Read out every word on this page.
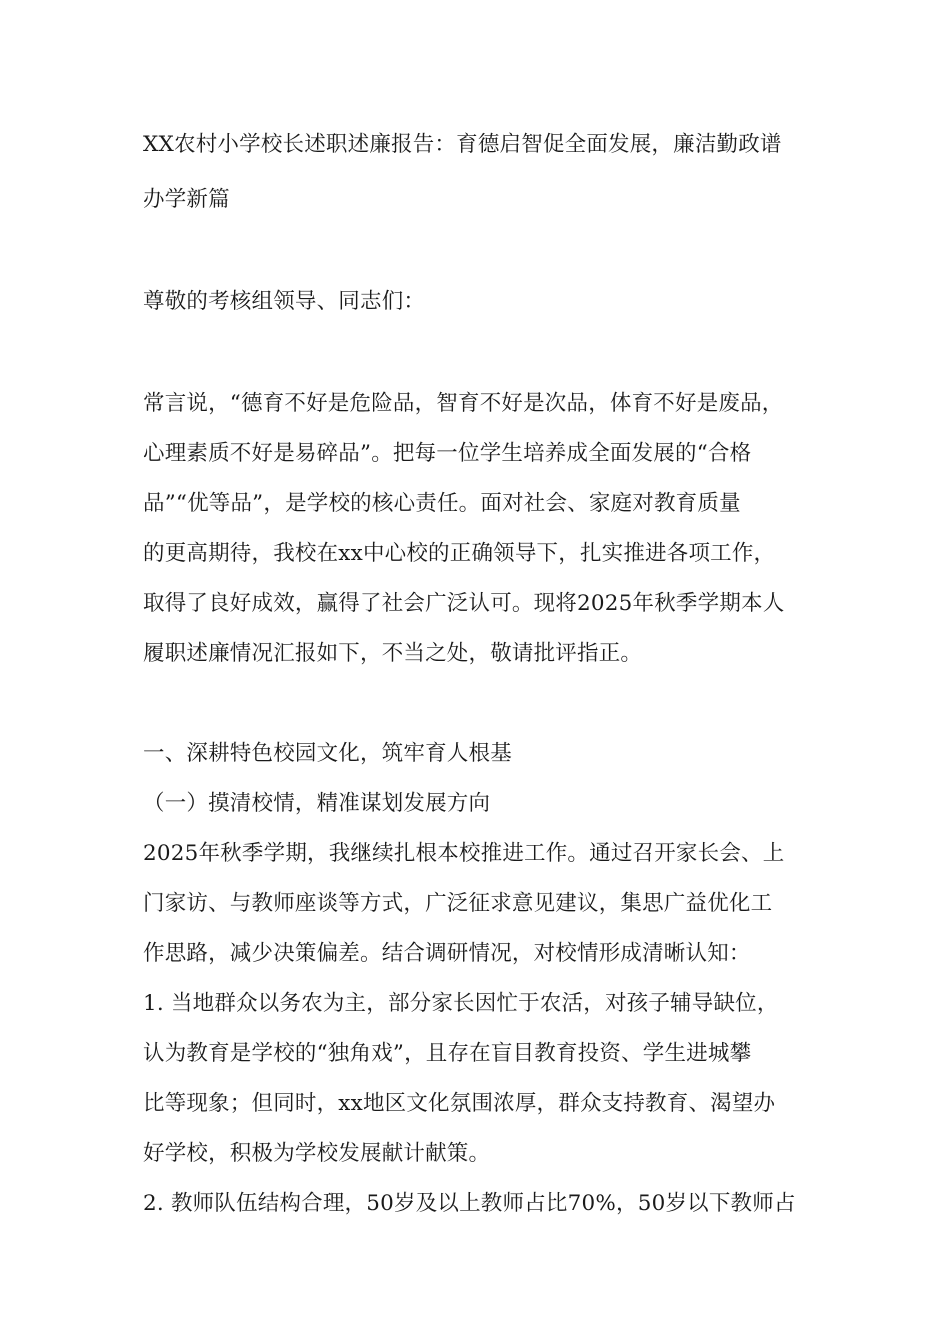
XX农村小学校长述职述廉报告：育德启智促全面发展，廉洁勤政谱
办学新篇
尊敬的考核组领导、同志们：
常言说，“德育不好是危险品，智育不好是次品，体育不好是废品，
心理素质不好是易碎品”。把每一位学生培养成全面发展的“合格
品”“优等品”，是学校的核心责任。面对社会、家庭对教育质量
的更高期待，我校在xx中心校的正确领导下，扎实推进各项工作，
取得了良好成效，赢得了社会广泛认可。现将2025年秋季学期本人
履职述廉情况汇报如下，不当之处，敬请批评指正。
一、深耕特色校园文化，筑牢育人根基
（一）摸清校情，精准谋划发展方向
2025年秋季学期，我继续扎根本校推进工作。通过召开家长会、上
门家访、与教师座谈等方式，广泛征求意见建议，集思广益优化工
作思路，减少决策偏差。结合调研情况，对校情形成清晰认知：
1. 当地群众以务农为主，部分家长因忙于农活，对孩子辅导缺位，
认为教育是学校的“独角戏”，且存在盲目教育投资、学生进城攀
比等现象；但同时，xx地区文化氛围浓厚，群众支持教育、渴望办
好学校，积极为学校发展献计献策。
2. 教师队伍结构合理，50岁及以上教师占比70%，50岁以下教师占
